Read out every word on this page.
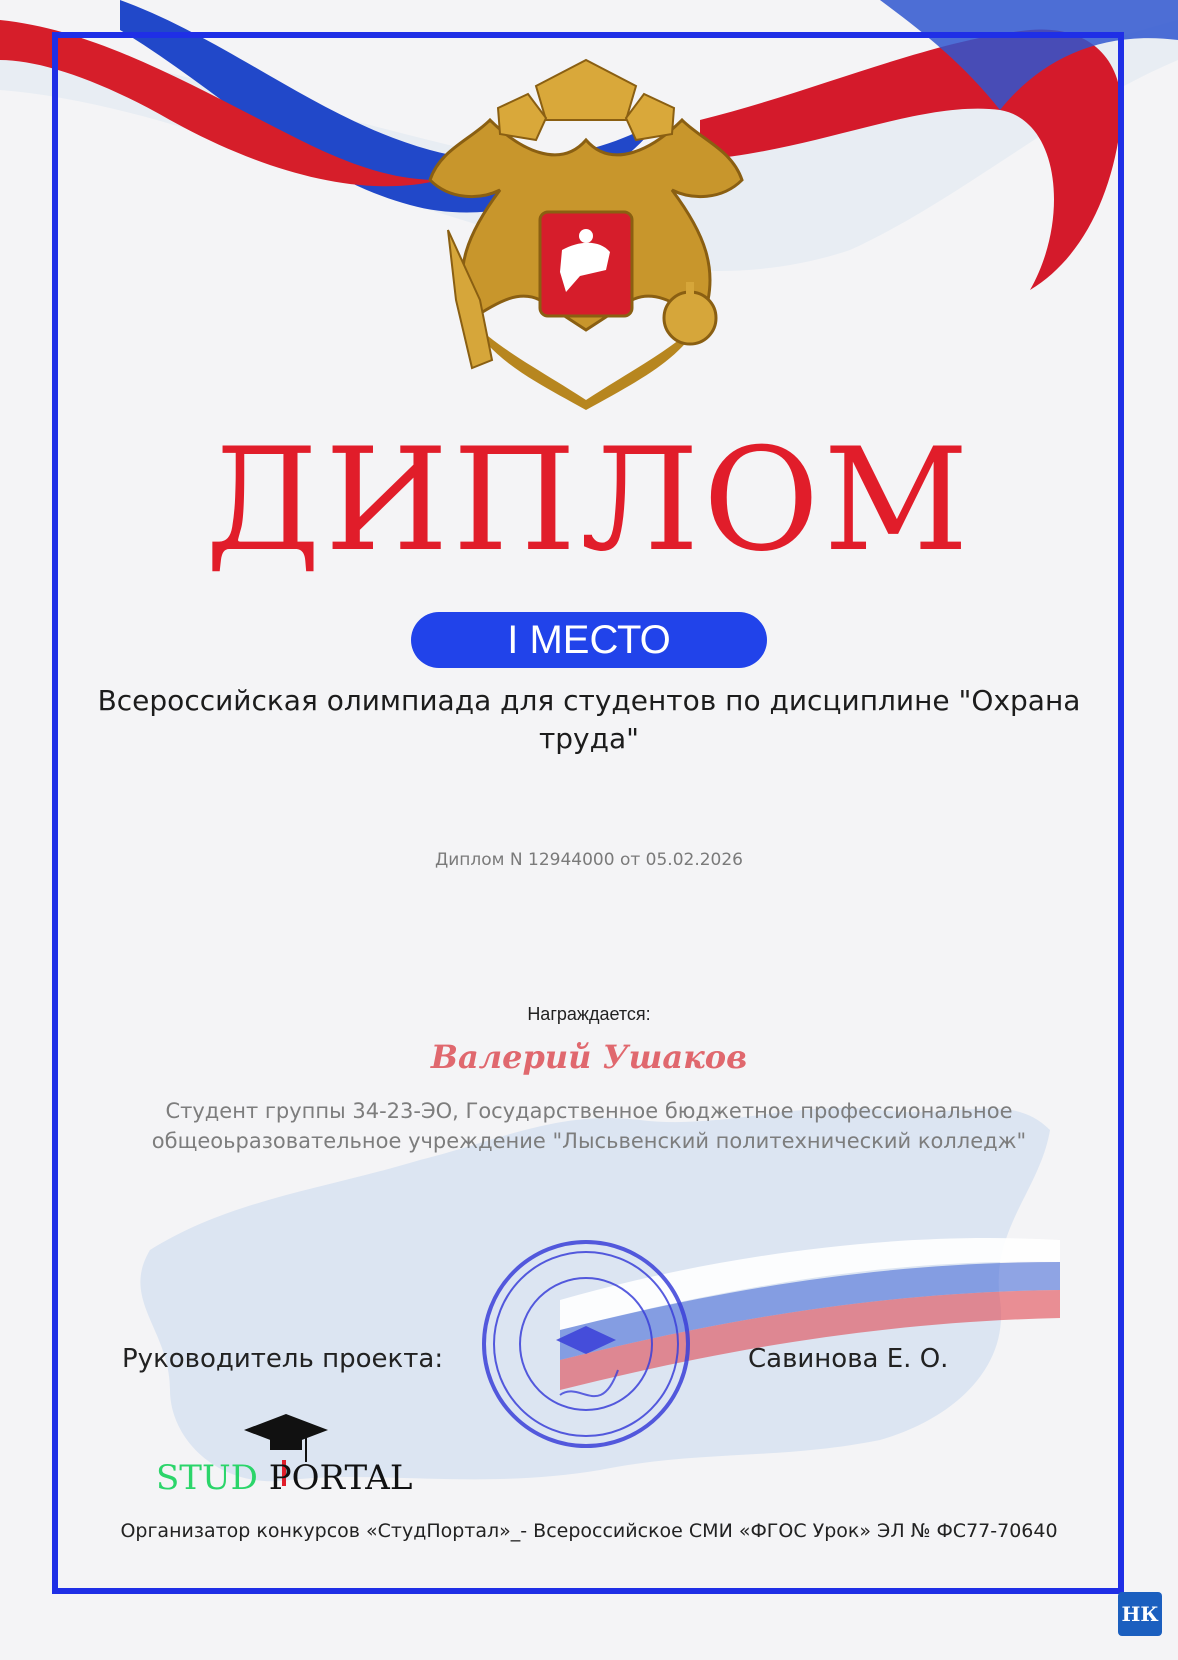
ДИПЛОМ
I МЕСТО
Всероссийская олимпиада для студентов по дисциплине "Охрана труда"
Диплом N 12944000 от 05.02.2026
Награждается:
Валерий Ушаков
Студент группы 34-23-ЭО, Государственное бюджетное профессиональное общеоьразовательное учреждение "Лысьвенский политехнический колледж"
Руководитель проекта:	Савинова Е. О.
STUD PORTAL
Организатор конкурсов «СтудПортал»_- Всероссийское СМИ «ФГОС Урок» ЭЛ № ФС77-70640
НК
